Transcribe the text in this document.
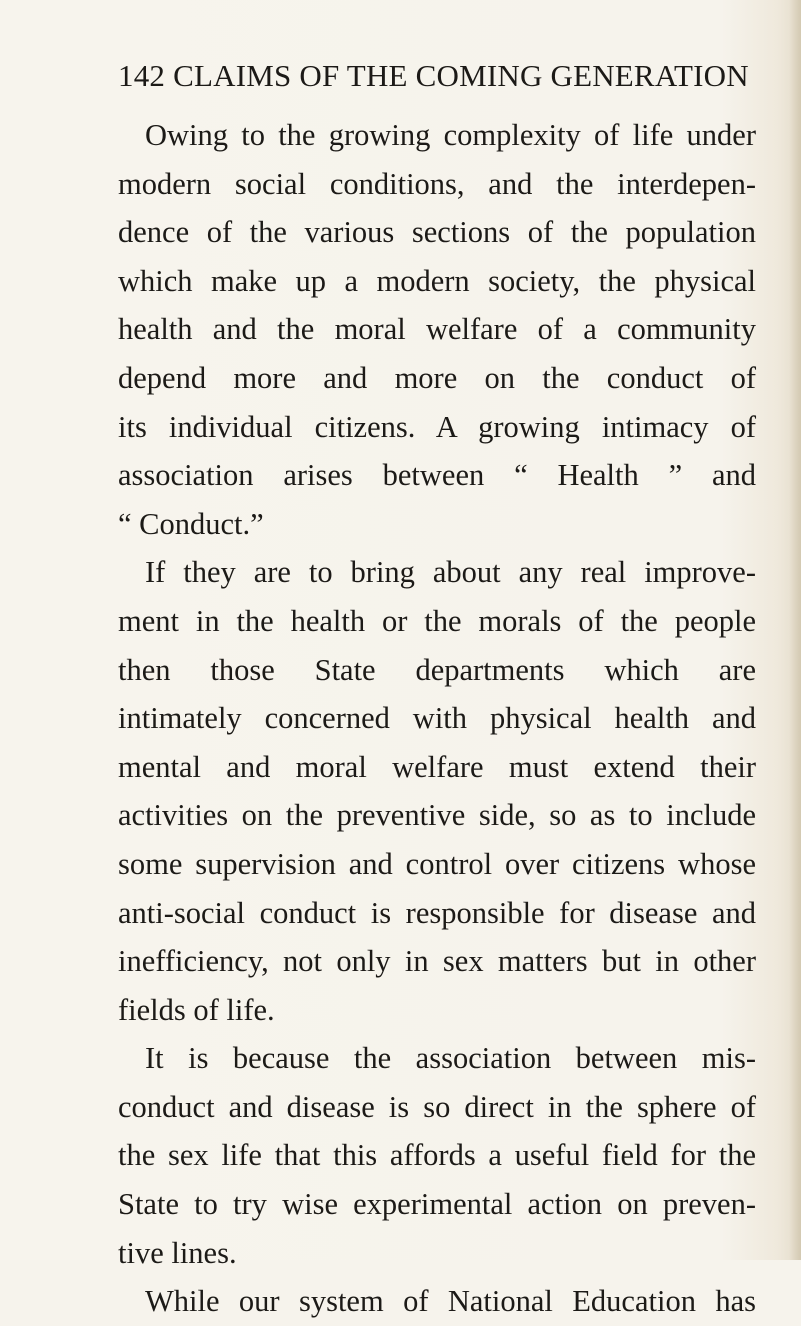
142 CLAIMS OF THE COMING GENERATION
Owing to the growing complexity of life under
modern social conditions, and the interdepen-
dence of the various sections of the population
which make up a modern society, the physical
health and the moral welfare of a community
depend more and more on the conduct of
its individual citizens. A growing intimacy of
association arises between “ Health ” and
“ Conduct.”
If they are to bring about any real improve-
ment in the health or the morals of the people
then those State departments which are
intimately concerned with physical health and
mental and moral welfare must extend their
activities on the preventive side, so as to include
some supervision and control over citizens whose
anti-social conduct is responsible for disease and
inefficiency, not only in sex matters but in other
fields of life.
It is because the association between mis-
conduct and disease is so direct in the sphere of
the sex life that this affords a useful field for the
State to try wise experimental action on preven-
tive lines.
While our system of National Education has
